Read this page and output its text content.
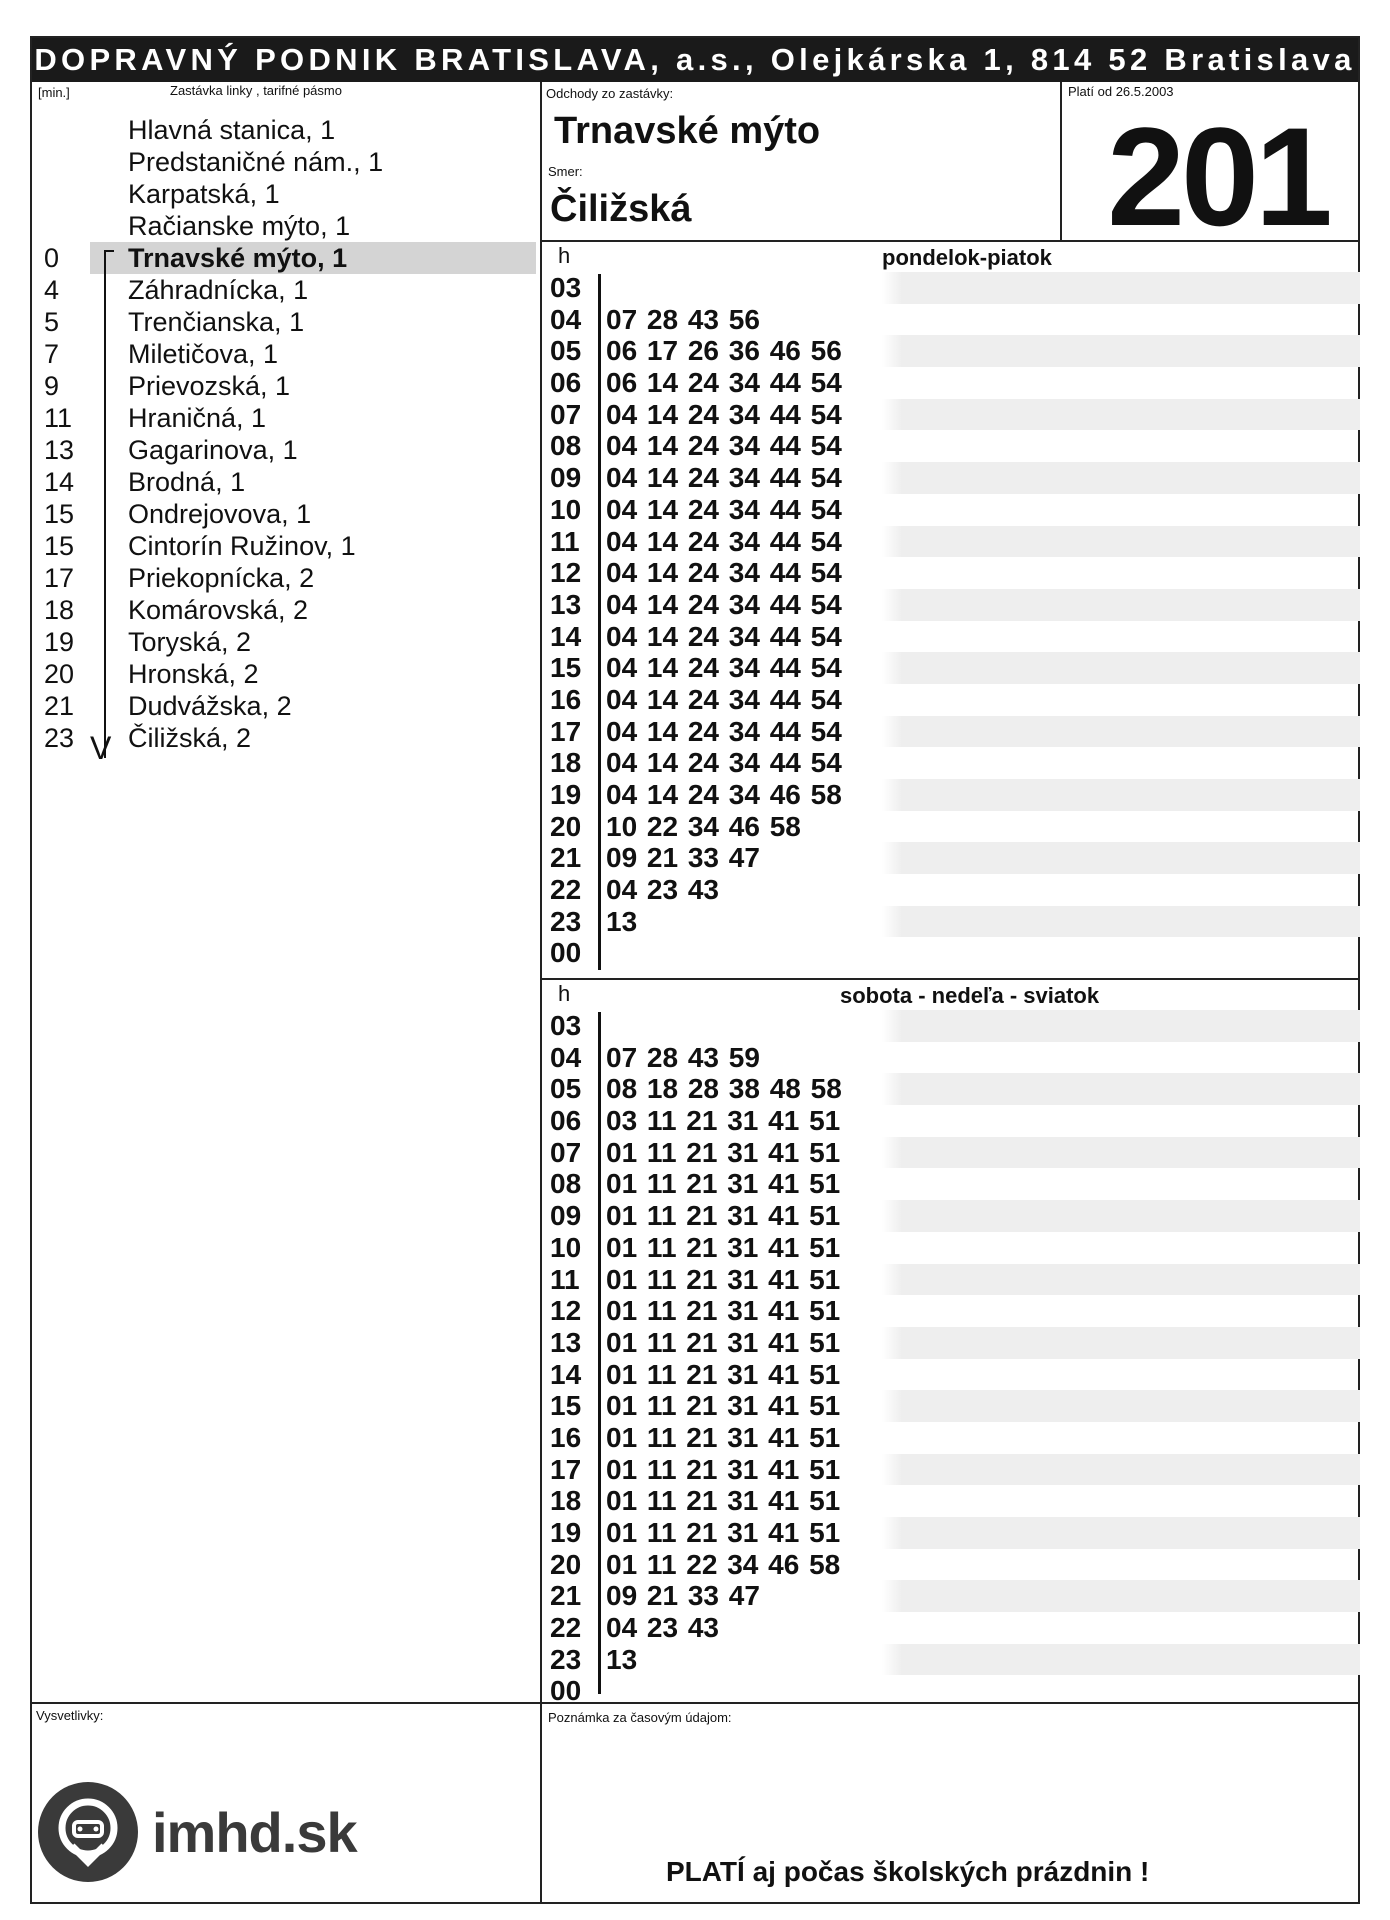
DOPRAVNÝ PODNIK BRATISLAVA, a.s., Olejkárska 1, 814 52 Bratislava
[min.]	Zastávka linky , tarifné pásmo
Hlavná stanica, 1
Predstaničné nám., 1
Karpatská, 1
Račianske mýto, 1
0	Trnavské mýto, 1
4	Záhradnícka, 1
5	Trenčianska, 1
7	Miletičova, 1
9	Prievozská, 1
11	Hraničná, 1
13	Gagarinova, 1
14	Brodná, 1
15	Ondrejovova, 1
15	Cintorín Ružinov, 1
17	Priekopnícka, 2
18	Komárovská, 2
19	Toryská, 2
20	Hronská, 2
21	Dudvážska, 2
23	Čiližská, 2
V
Vysvetlivky:
Odchody zo zastávky:
Trnavské mýto
Smer:
Čiližská
Platí od 26.5.2003
201
h	pondelok-piatok
03
04 07 28 43 56
05 06 17 26 36 46 56
06 06 14 24 34 44 54
07 04 14 24 34 44 54
08 04 14 24 34 44 54
09 04 14 24 34 44 54
10 04 14 24 34 44 54
11 04 14 24 34 44 54
12 04 14 24 34 44 54
13 04 14 24 34 44 54
14 04 14 24 34 44 54
15 04 14 24 34 44 54
16 04 14 24 34 44 54
17 04 14 24 34 44 54
18 04 14 24 34 44 54
19 04 14 24 34 46 58
20 10 22 34 46 58
21 09 21 33 47
22 04 23 43
23 13
00
h	sobota - nedeľa - sviatok
03
04 07 28 43 59
05 08 18 28 38 48 58
06 03 11 21 31 41 51
07 01 11 21 31 41 51
08 01 11 21 31 41 51
09 01 11 21 31 41 51
10 01 11 21 31 41 51
11 01 11 21 31 41 51
12 01 11 21 31 41 51
13 01 11 21 31 41 51
14 01 11 21 31 41 51
15 01 11 21 31 41 51
16 01 11 21 31 41 51
17 01 11 21 31 41 51
18 01 11 21 31 41 51
19 01 11 21 31 41 51
20 01 11 22 34 46 58
21 09 21 33 47
22 04 23 43
23 13
00
Poznámka za časovým údajom:
imhd.sk
PLATÍ aj počas školských prázdnin !
